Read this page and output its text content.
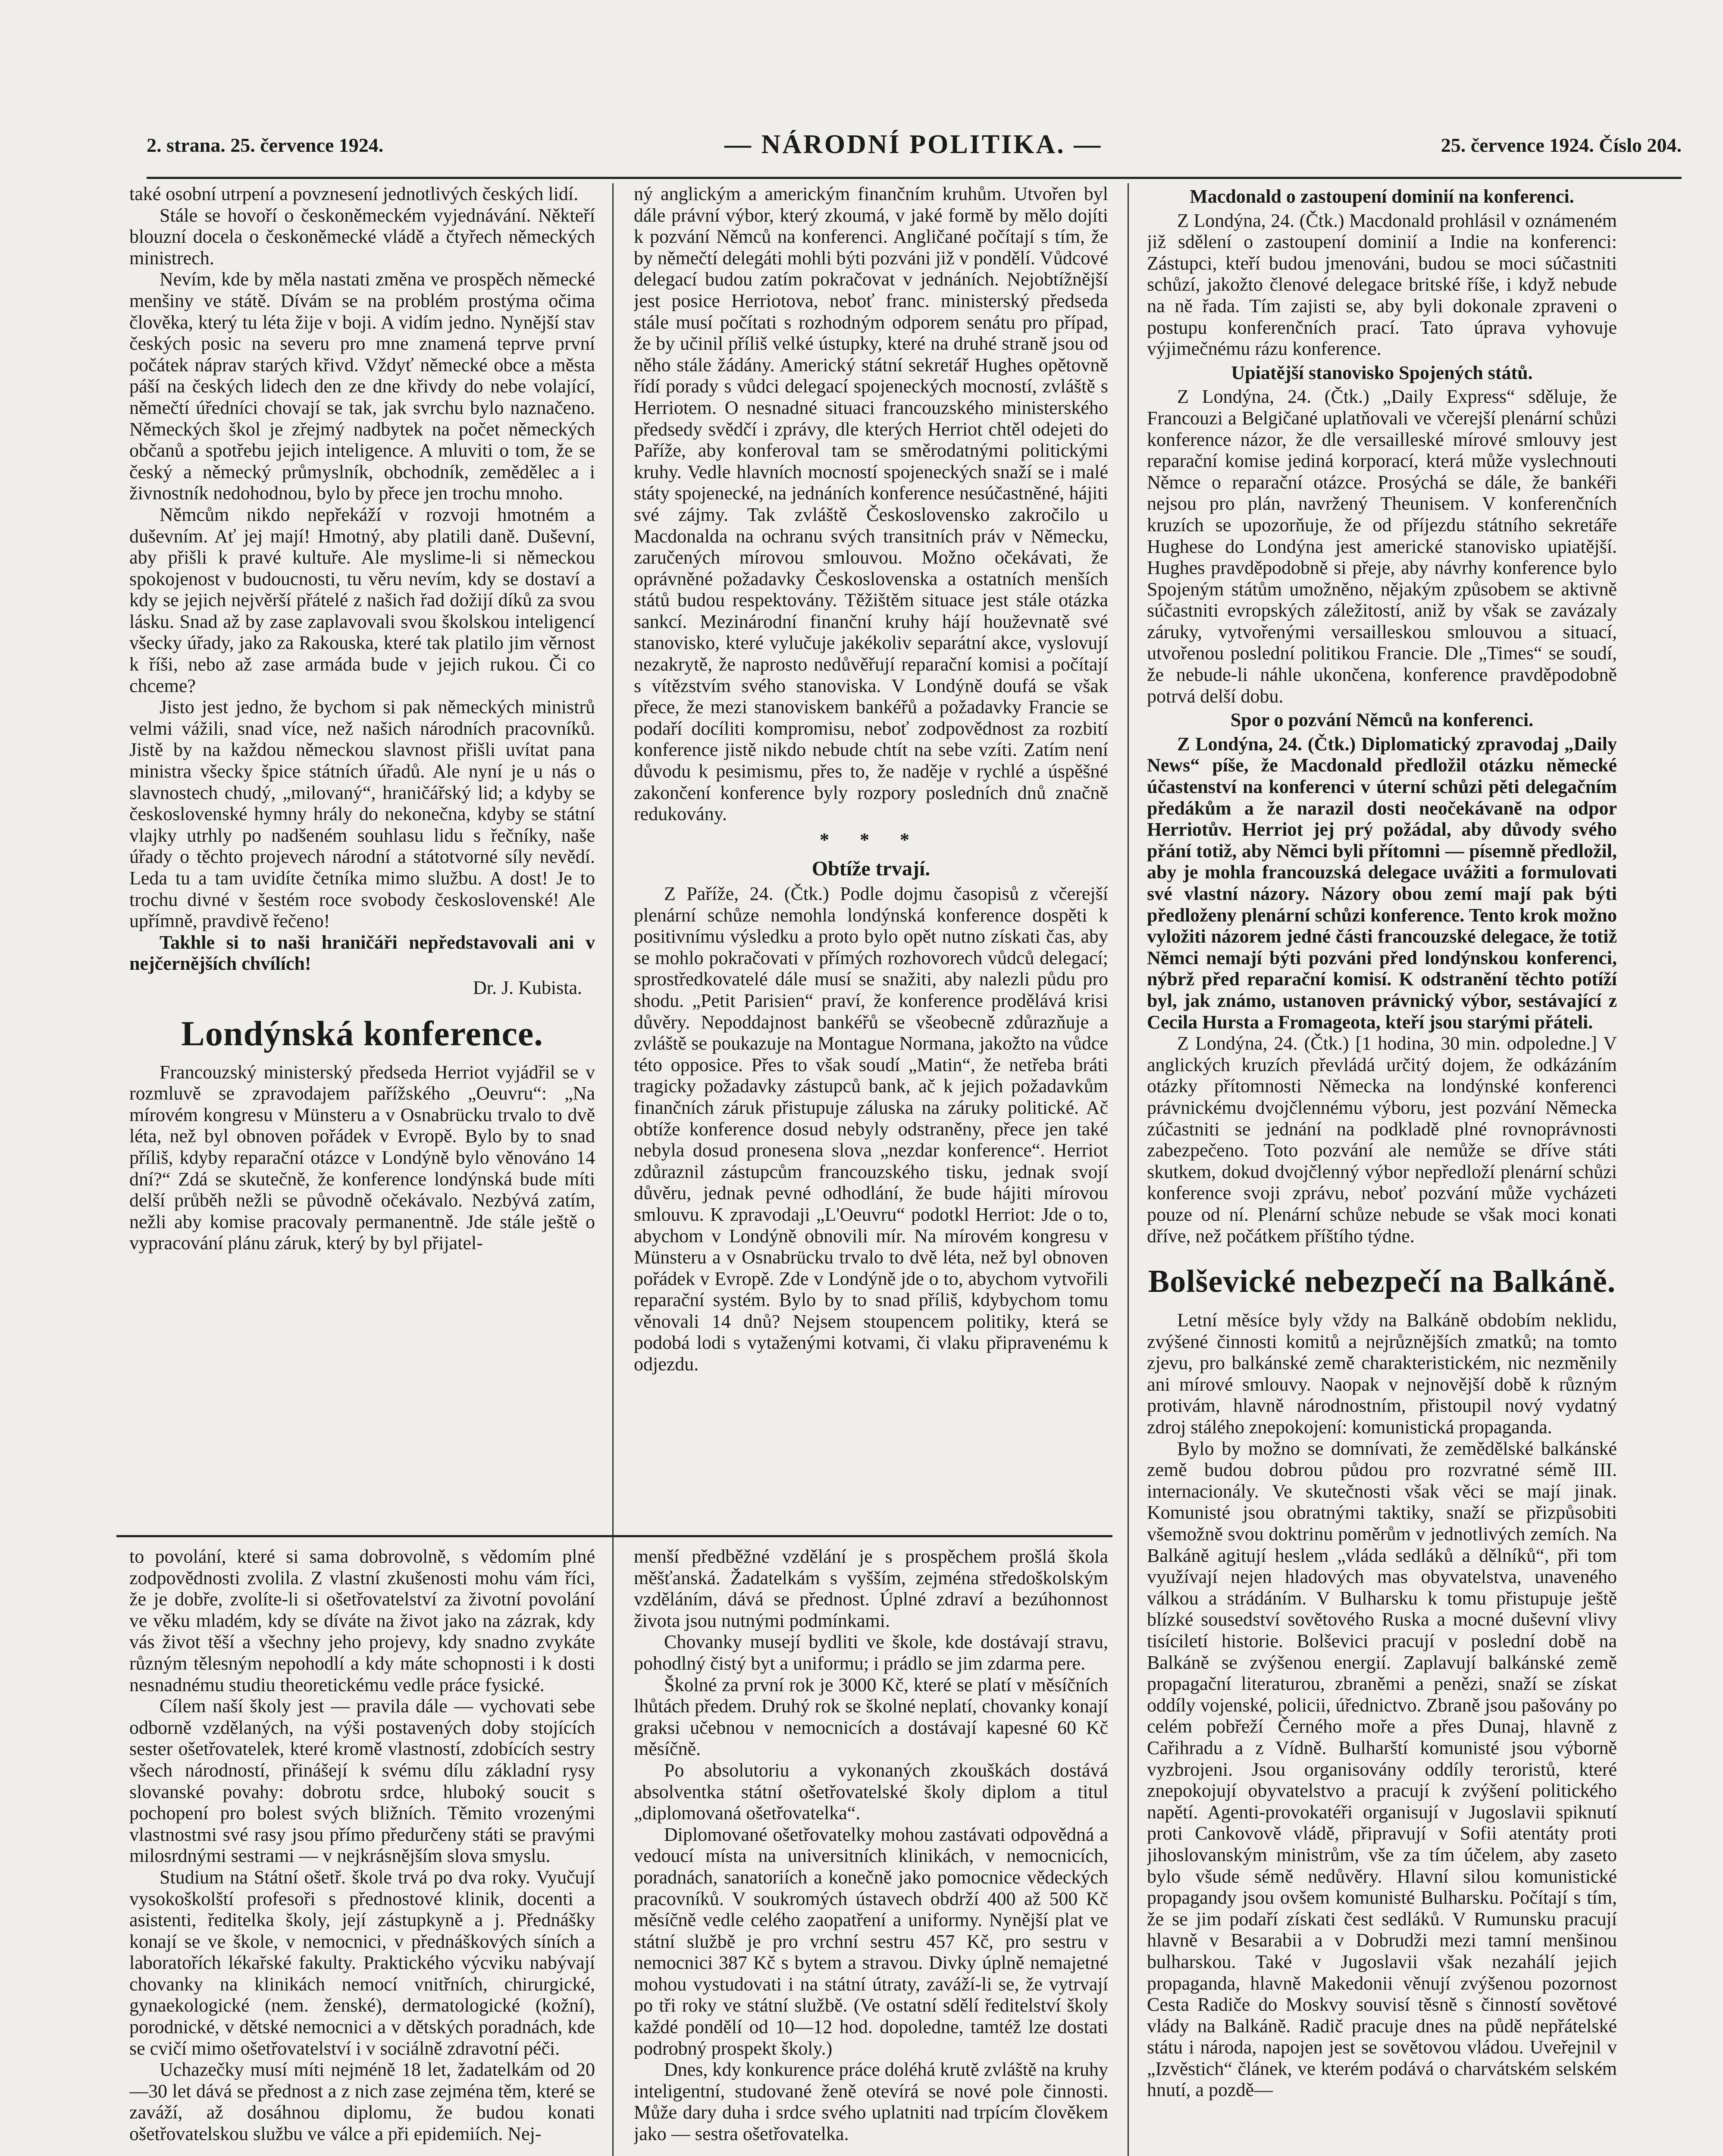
2. strana. 25. července 1924.	— NÁRODNÍ POLITIKA. —	25. července 1924. Číslo 204.

také osobní utrpení a povznesení jednotlivých českých lidí.

Stále se hovoří o českoněmeckém vyjednávání. Někteří blouzní docela o českoněmecké vládě a čtyřech německých ministrech.

Nevím, kde by měla nastati změna ve prospěch německé menšiny ve státě. Dívám se na problém prostýma očima člověka, který tu léta žije v boji. A vidím jedno. Nynější stav českých posic na severu pro mne znamená teprve první počátek náprav starých křivd. Vždyť německé obce a města páší na českých lidech den ze dne křivdy do nebe volající, němečtí úředníci chovají se tak, jak svrchu bylo naznačeno. Německých škol je zřejmý nadbytek na počet německých občanů a spotřebu jejich inteligence. A mluviti o tom, že se český a německý průmyslník, obchodník, zemědělec a i živnostník nedohodnou, bylo by přece jen trochu mnoho.

Němcům nikdo nepřekáží v rozvoji hmotném a duševním. Ať jej mají! Hmotný, aby platili daně. Duševní, aby přišli k pravé kultuře. Ale myslime-li si německou spokojenost v budoucnosti, tu věru nevím, kdy se dostaví a kdy se jejich nejvěrší přátelé z našich řad dožijí díků za svou lásku. Snad až by zase zaplavovali svou školskou inteligencí všecky úřady, jako za Rakouska, které tak platilo jim věrnost k říši, nebo až zase armáda bude v jejich rukou. Či co chceme?

Jisto jest jedno, že bychom si pak německých ministrů velmi vážili, snad více, než našich národních pracovníků. Jistě by na každou německou slavnost přišli uvítat pana ministra všecky špice státních úřadů. Ale nyní je u nás o slavnostech chudý, „milovaný“, hraničářský lid; a kdyby se československé hymny hrály do nekonečna, kdyby se státní vlajky utrhly po nadšeném souhlasu lidu s řečníky, naše úřady o těchto projevech národní a státotvorné síly nevědí. Leda tu a tam uvidíte četníka mimo službu. A dost! Je to trochu divné v šestém roce svobody československé! Ale upřímně, pravdivě řečeno!

Takhle si to naši hraničáři nepředstavovali ani v nejčernějších chvílích!

Dr. J. Kubista.
Londýnská konference.

Francouzský ministerský předseda Herriot vyjádřil se v rozmluvě se zpravodajem pařížského „Oeuvru“: „Na mírovém kongresu v Münsteru a v Osnabrücku trvalo to dvě léta, než byl obnoven pořádek v Evropě. Bylo by to snad příliš, kdyby reparační otázce v Londýně bylo věnováno 14 dní?“ Zdá se skutečně, že konference londýnská bude míti delší průběh nežli se původně očekávalo. Nezbývá zatím, nežli aby komise pracovaly permanentně. Jde stále ještě o vypracování plánu záruk, který by byl přijatel-

ný anglickým a americkým finančním kruhům. Utvořen byl dále právní výbor, který zkoumá, v jaké formě by mělo dojíti k pozvání Němců na konferenci. Angličané počítají s tím, že by němečtí delegáti mohli býti pozváni již v pondělí. Vůdcové delegací budou zatím pokračovat v jednáních. Nejobtížnější jest posice Herriotova, neboť franc. ministerský předseda stále musí počítati s rozhodným odporem senátu pro případ, že by učinil příliš velké ústupky, které na druhé straně jsou od něho stále žádány. Americký státní sekretář Hughes opětovně řídí porady s vůdci delegací spojeneckých mocností, zvláště s Herriotem. O nesnadné situaci francouzského ministerského předsedy svědčí i zprávy, dle kterých Herriot chtěl odejeti do Paříže, aby konferoval tam se směrodatnými politickými kruhy. Vedle hlavních mocností spojeneckých snaží se i malé státy spojenecké, na jednáních konference nesúčastněné, hájiti své zájmy. Tak zvláště Československo zakročilo u Macdonalda na ochranu svých transitních práv v Německu, zaručených mírovou smlouvou. Možno očekávati, že oprávněné požadavky Československa a ostatních menších států budou respektovány. Těžištěm situace jest stále otázka sankcí. Mezinárodní finanční kruhy hájí houževnatě své stanovisko, které vylučuje jakékoliv separátní akce, vyslovují nezakrytě, že naprosto nedůvěřují reparační komisi a počítají s vítězstvím svého stanoviska. V Londýně doufá se však přece, že mezi stanoviskem bankéřů a požadavky Francie se podaří docíliti kompromisu, neboť zodpovědnost za rozbití konference jistě nikdo nebude chtít na sebe vzíti. Zatím není důvodu k pesimismu, přes to, že naděje v rychlé a úspěšné zakončení konference byly rozpory posledních dnů značně redukovány.

* * *
Obtíže trvají.

Z Paříže, 24. (Čtk.) Podle dojmu časopisů z včerejší plenární schůze nemohla londýnská konference dospěti k positivnímu výsledku a proto bylo opět nutno získati čas, aby se mohlo pokračovati v přímých rozhovorech vůdců delegací; sprostředkovatelé dále musí se snažiti, aby nalezli půdu pro shodu. „Petit Parisien“ praví, že konference prodělává krisi důvěry. Nepoddajnost bankéřů se všeobecně zdůrazňuje a zvláště se poukazuje na Montague Normana, jakožto na vůdce této opposice. Přes to však soudí „Matin“, že netřeba bráti tragicky požadavky zástupců bank, ač k jejich požadavkům finančních záruk přistupuje záluska na záruky politické. Ač obtíže konference dosud nebyly odstraněny, přece jen také nebyla dosud pronesena slova „nezdar konference“. Herriot zdůraznil zástupcům francouzského tisku, jednak svojí důvěru, jednak pevné odhodlání, že bude hájiti mírovou smlouvu. K zpravodaji „L'Oeuvru“ podotkl Herriot: Jde o to, abychom v Londýně obnovili mír. Na mírovém kongresu v Münsteru a v Osnabrücku trvalo to dvě léta, než byl obnoven pořádek v Evropě. Zde v Londýně jde o to, abychom vytvořili reparační systém. Bylo by to snad příliš, kdybychom tomu věnovali 14 dnů? Nejsem stoupencem politiky, která se podobá lodi s vytaženými kotvami, či vlaku připravenému k odjezdu.

Macdonald o zastoupení dominií na konferenci.

Z Londýna, 24. (Čtk.) Macdonald prohlásil v oznámeném již sdělení o zastoupení dominií a Indie na konferenci: Zástupci, kteří budou jmenováni, budou se moci súčastniti schůzí, jakožto členové delegace britské říše, i když nebude na ně řada. Tím zajisti se, aby byli dokonale zpraveni o postupu konferenčních prací. Tato úprava vyhovuje výjimečnému rázu konference.

Upiatější stanovisko Spojených států.

Z Londýna, 24. (Čtk.) „Daily Express“ sděluje, že Francouzi a Belgičané uplatňovali ve včerejší plenární schůzi konference názor, že dle versailleské mírové smlouvy jest reparační komise jediná korporací, která může vyslechnouti Němce o reparační otázce. Prosýchá se dále, že bankéři nejsou pro plán, navržený Theunisem. V konferenčních kruzích se upozorňuje, že od příjezdu státního sekretáře Hughese do Londýna jest americké stanovisko upiatější. Hughes pravděpodobně si přeje, aby návrhy konference bylo Spojeným státům umožněno, nějakým způsobem se aktivně súčastniti evropských záležitostí, aniž by však se zavázaly záruky, vytvořenými versailleskou smlouvou a situací, utvořenou poslední politikou Francie. Dle „Times“ se soudí, že nebude-li náhle ukončena, konference pravděpodobně potrvá delší dobu.

Spor o pozvání Němců na konferenci.

Z Londýna, 24. (Čtk.) Diplomatický zpravodaj „Daily News“ píše, že Macdonald předložil otázku německé účastenství na konferenci v úterní schůzi pěti delegačním předákům a že narazil dosti neočekávaně na odpor Herriotův. Herriot jej prý požádal, aby důvody svého přání totiž, aby Němci byli přítomni — písemně předložil, aby je mohla francouzská delegace uvážiti a formulovati své vlastní názory. Názory obou zemí mají pak býti předloženy plenární schůzi konference. Tento krok možno vyložiti názorem jedné části francouzské delegace, že totiž Němci nemají býti pozváni před londýnskou konferenci, nýbrž před reparační komisí. K odstranění těchto potíží byl, jak známo, ustanoven právnický výbor, sestávající z Cecila Hursta a Fromageota, kteří jsou starými přáteli.

Z Londýna, 24. (Čtk.) [1 hodina, 30 min. odpoledne.] V anglických kruzích převládá určitý dojem, že odkázáním otázky přítomnosti Německa na londýnské konferenci právnickému dvojčlennému výboru, jest pozvání Německa zúčastniti se jednání na podkladě plné rovnoprávnosti zabezpečeno. Toto pozvání ale nemůže se dříve státi skutkem, dokud dvojčlenný výbor nepředloží plenární schůzi konference svoji zprávu, neboť pozvání může vycházeti pouze od ní. Plenární schůze nebude se však moci konati dříve, než počátkem příštího týdne.

Bolševické nebezpečí na Balkáně.

Letní měsíce byly vždy na Balkáně obdobím neklidu, zvýšené činnosti komitů a nejrůznějších zmatků; na tomto zjevu, pro balkánské země charakteristickém, nic nezměnily ani mírové smlouvy. Naopak v nejnovější době k různým protivám, hlavně národnostním, přistoupil nový vydatný zdroj stálého znepokojení: komunistická propaganda.

Bylo by možno se domnívati, že zemědělské balkánské země budou dobrou půdou pro rozvratné sémě III. internacionály. Ve skutečnosti však věci se mají jinak. Komunisté jsou obratnými taktiky, snaží se přizpůsobiti všemožně svou doktrinu poměrům v jednotlivých zemích. Na Balkáně agitují heslem „vláda sedláků a dělníků“, při tom využívají nejen hladových mas obyvatelstva, unaveného válkou a strádáním. V Bulharsku k tomu přistupuje ještě blízké sousedství sovětového Ruska a mocné duševní vlivy tisíciletí historie. Bolševici pracují v poslední době na Balkáně se zvýšenou energií. Zaplavují balkánské země propagační literaturou, zbraněmi a penězi, snaží se získat oddíly vojenské, policii, úřednictvo. Zbraně jsou pašovány po celém pobřeží Černého moře a přes Dunaj, hlavně z Cařihradu a z Vídně. Bulharští komunisté jsou výborně vyzbrojeni. Jsou organisovány oddíly teroristů, které znepokojují obyvatelstvo a pracují k zvýšení politického napětí. Agenti-provokatéři organisují v Jugoslavii spiknutí proti Cankovově vládě, připravují v Sofii atentáty proti jihoslovanským ministrům, vše za tím účelem, aby zaseto bylo všude sémě nedůvěry. Hlavní silou komunistické propagandy jsou ovšem komunisté Bulharsku. Počítají s tím, že se jim podaří získati čest sedláků. V Rumunsku pracují hlavně v Besarabii a v Dobrudži mezi tamní menšinou bulharskou. Také v Jugoslavii však nezahálí jejich propaganda, hlavně Makedonii věnují zvýšenou pozornost Cesta Radiče do Moskvy souvisí těsně s činností sovětové vlády na Balkáně. Radič pracuje dnes na půdě nepřátelské státu i národa, napojen jest se sovětovou vládou. Uveřejnil v „Izvěstich“ článek, ve kterém podává o charvátském selském hnutí, a pozdě—

to povolání, které si sama dobrovolně, s vědomím plné zodpovědnosti zvolila. Z vlastní zkušenosti mohu vám říci, že je dobře, zvolíte-li si ošetřovatelství za životní povolání ve věku mladém, kdy se díváte na život jako na zázrak, kdy vás život těší a všechny jeho projevy, kdy snadno zvykáte různým tělesným nepohodlí a kdy máte schopnosti i k dosti nesnadnému studiu theoretickému vedle práce fysické.

Cílem naší školy jest — pravila dále — vychovati sebe odborně vzdělaných, na výši postavených doby stojících sester ošetřovatelek, které kromě vlastností, zdobících sestry všech národností, přinášejí k svému dílu základní rysy slovanské povahy: dobrotu srdce, hluboký soucit s pochopení pro bolest svých bližních. Těmito vrozenými vlastnostmi své rasy jsou přímo předurčeny státi se pravými milosrdnými sestrami — v nejkrásnějším slova smyslu.

Studium na Státní ošetř. škole trvá po dva roky. Vyučují vysokoškolští profesoři s přednostové klinik, docenti a asistenti, ředitelka školy, její zástupkyně a j. Přednášky konají se ve škole, v nemocnici, v přednáškových síních a laboratořích lékařské fakulty. Praktického výcviku nabývají chovanky na klinikách nemocí vnitřních, chirurgické, gynaekologické (nem. ženské), dermatologické (kožní), porodnické, v dětské nemocnici a v dětských poradnách, kde se cvičí mimo ošetřovatelství i v sociálně zdravotní péči.

Uchazečky musí míti nejméně 18 let, žadatelkám od 20—30 let dává se přednost a z nich zase zejména těm, které se zaváží, až dosáhnou diplomu, že budou konati ošetřovatelskou službu ve válce a při epidemiích. Nej-

menší předběžné vzdělání je s prospěchem prošlá škola měšťanská. Žadatelkám s vyšším, zejména středoškolským vzděláním, dává se přednost. Úplné zdraví a bezúhonnost života jsou nutnými podmínkami.

Chovanky musejí bydliti ve škole, kde dostávají stravu, pohodlný čistý byt a uniformu; i prádlo se jim zdarma pere.

Školné za první rok je 3000 Kč, které se platí v měsíčních lhůtách předem. Druhý rok se školné neplatí, chovanky konají graksi učebnou v nemocnicích a dostávají kapesné 60 Kč měsíčně.

Po absolutoriu a vykonaných zkouškách dostává absolventka státní ošetřovatelské školy diplom a titul „diplomovaná ošetřovatelka“.

Diplomované ošetřovatelky mohou zastávati odpovědná a vedoucí místa na universitních klinikách, v nemocnicích, poradnách, sanatoriích a konečně jako pomocnice vědeckých pracovníků. V soukromých ústavech obdrží 400 až 500 Kč měsíčně vedle celého zaopatření a uniformy. Nynější plat ve státní službě je pro vrchní sestru 457 Kč, pro sestru v nemocnici 387 Kč s bytem a stravou. Divky úplně nemajetné mohou vystudovati i na státní útraty, zaváží-li se, že vytrvají po tři roky ve státní službě. (Ve ostatní sdělí ředitelství školy každé pondělí od 10—12 hod. dopoledne, tamtéž lze dostati podrobný prospekt školy.)

Dnes, kdy konkurence práce doléhá krutě zvláště na kruhy inteligentní, studované ženě otevírá se nové pole činnosti. Může dary duha i srdce svého uplatniti nad trpícím člověkem jako — sestra ošetřovatelka.
